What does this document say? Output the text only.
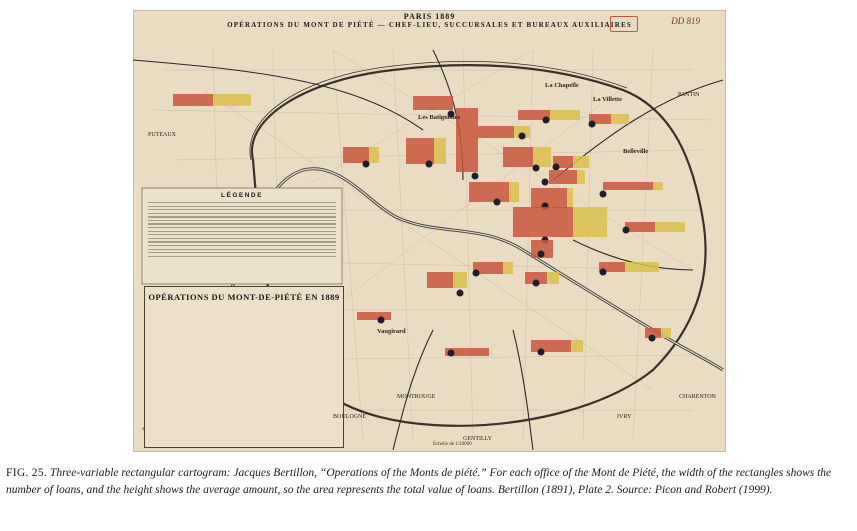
PARIS 1889
OPÉRATIONS DU MONT DE PIÉTÉ — CHEF-LIEU, SUCCURSALES ET BUREAUX AUXILIAIRES	DD 819
LÉGENDE
OPÉRATIONS DU MONT-DE-PIÉTÉ EN 1889
Les Batignolles
La Chapelle
La Villette
Belleville
Vaugirard
PUTEAUX
BOULOGNE
PANTIN
GENTILLY
IVRY
MONTROUGE	CHARENTON
Échelle de 1/20000
FIG. 25. Three-variable rectangular cartogram: Jacques Bertillon, “Operations of the Monts de piété.” For each office of the Mont de Piété, the width of the rectangles shows the number of loans, and the height shows the average amount, so the area represents the total value of loans. Bertillon (1891), Plate 2. Source: Picon and Robert (1999).
